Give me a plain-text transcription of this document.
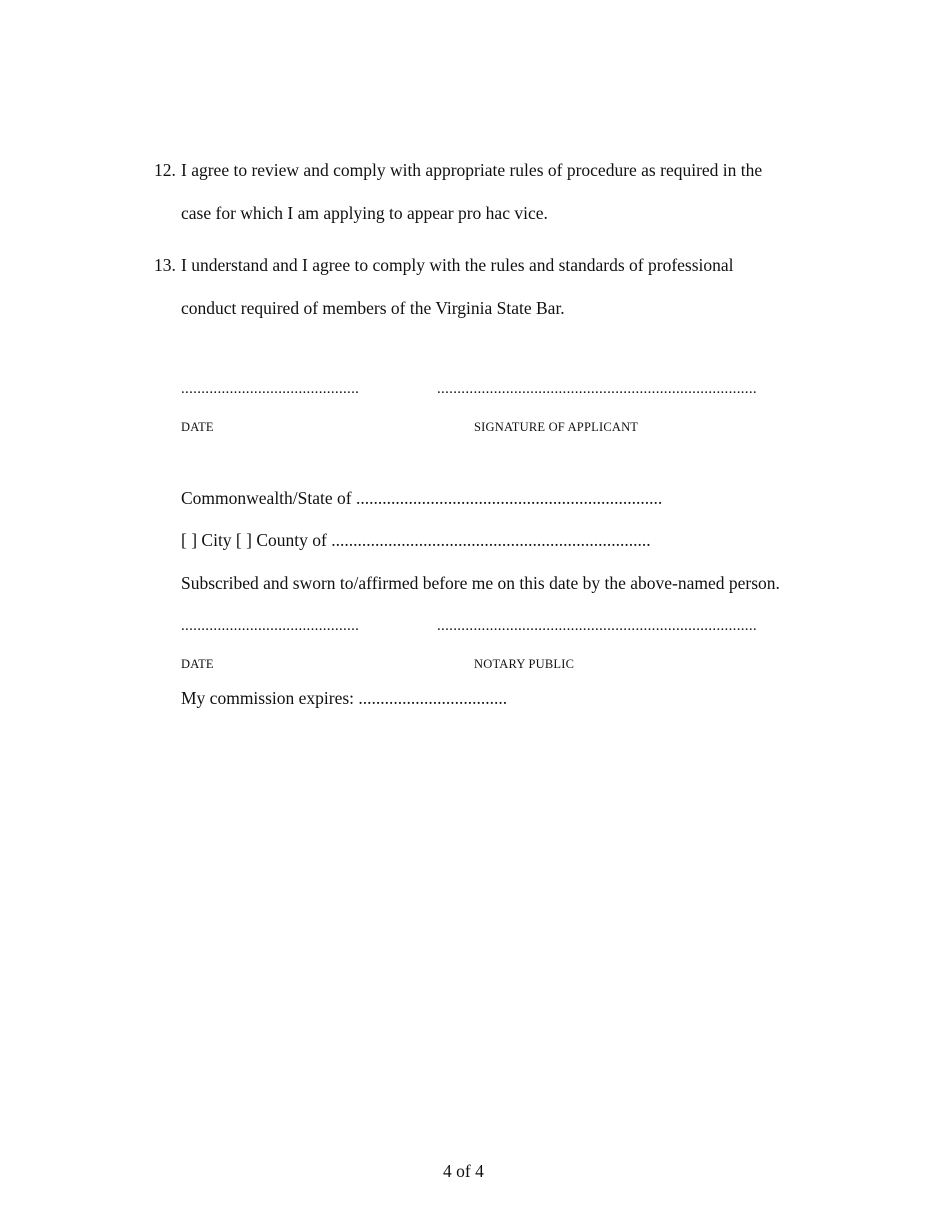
12. I agree to review and comply with appropriate rules of procedure as required in the
case for which I am applying to appear pro hac vice.
13. I understand and I agree to comply with the rules and standards of professional
conduct required of members of the Virginia State Bar.
............................................	...............................................................................
DATE	SIGNATURE OF APPLICANT
Commonwealth/State of ......................................................................
[ ] City [ ] County of .........................................................................
Subscribed and sworn to/affirmed before me on this date by the above-named person.
............................................	...............................................................................
DATE	NOTARY PUBLIC
My commission expires: ..................................
4 of 4
